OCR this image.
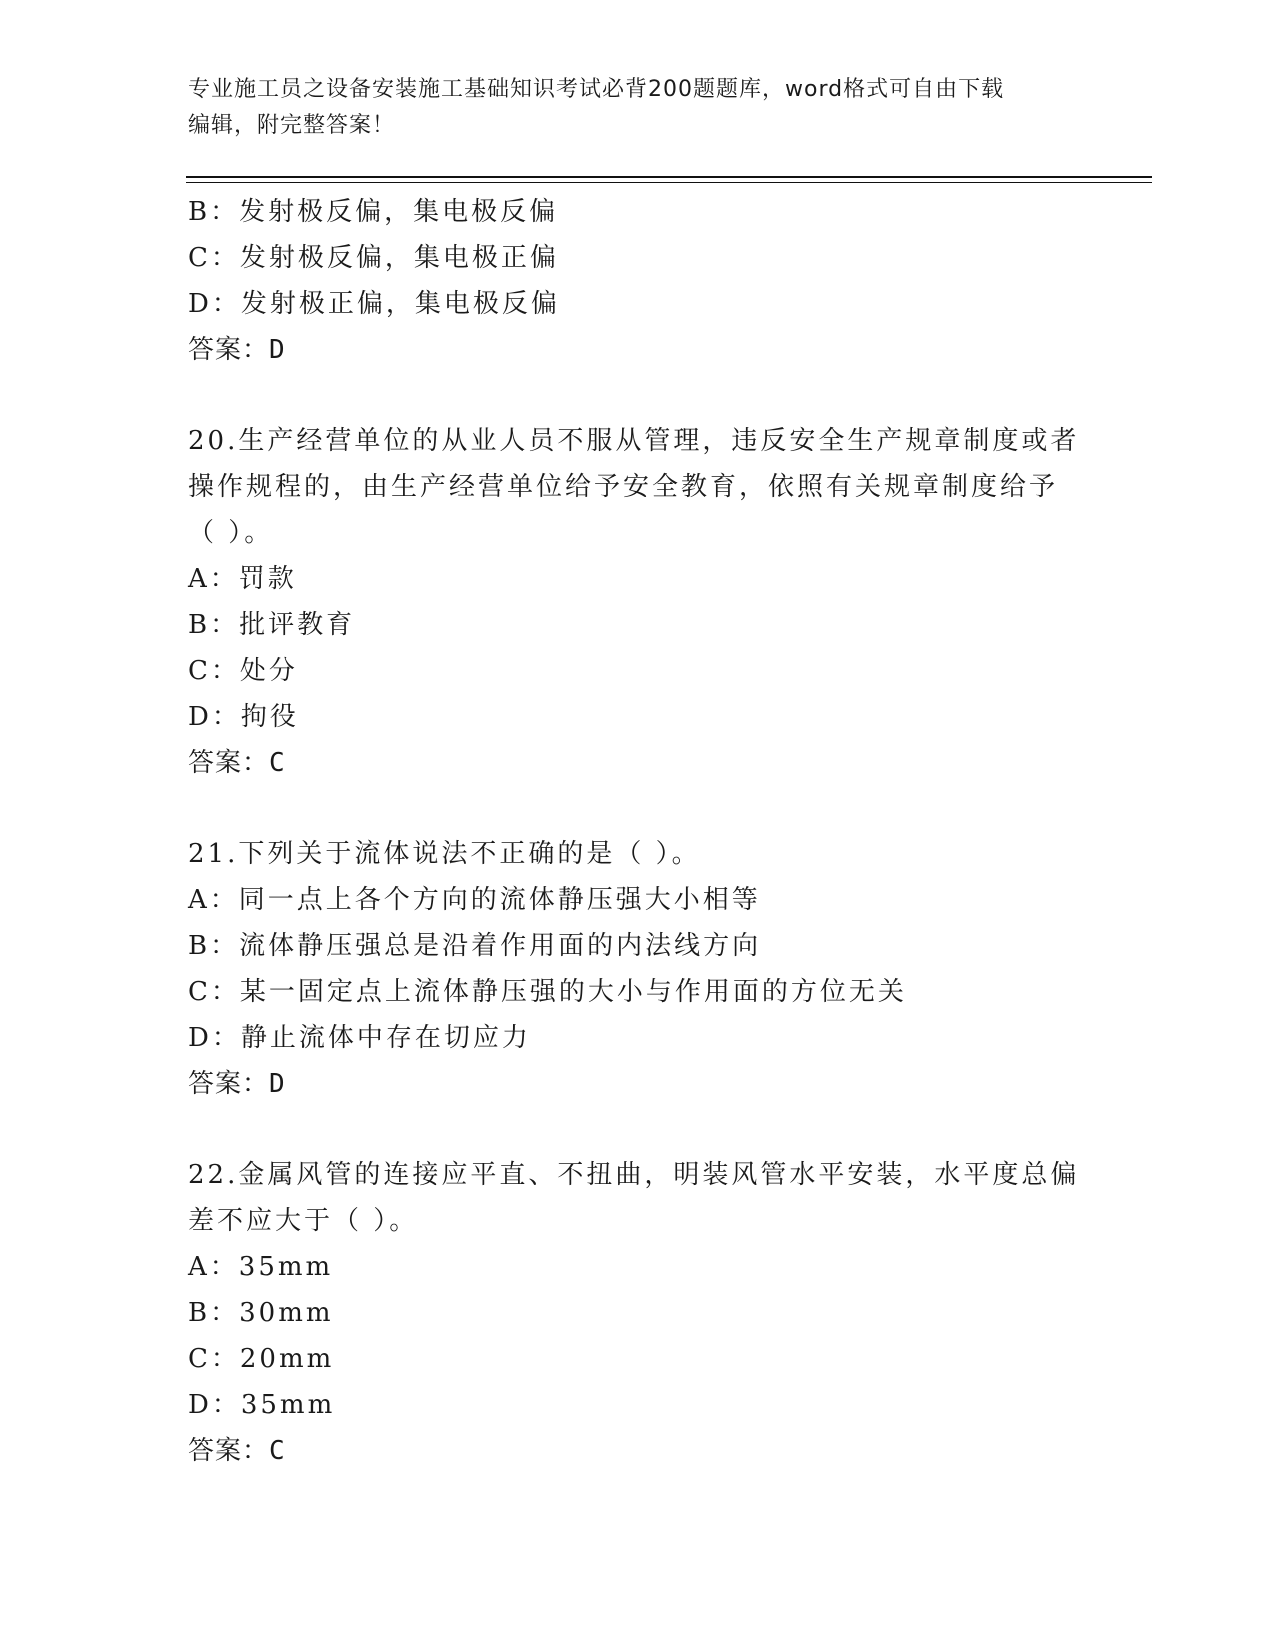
专业施工员之设备安装施工基础知识考试必背200题题库，word格式可自由下载
编辑，附完整答案！
B：发射极反偏，集电极反偏
C：发射极反偏，集电极正偏
D：发射极正偏，集电极反偏
答案：D
20.生产经营单位的从业人员不服从管理，违反安全生产规章制度或者
操作规程的，由生产经营单位给予安全教育，依照有关规章制度给予
（ ）。
A：罚款
B：批评教育
C：处分
D：拘役
答案：C
21.下列关于流体说法不正确的是（ ）。
A：同一点上各个方向的流体静压强大小相等
B：流体静压强总是沿着作用面的内法线方向
C：某一固定点上流体静压强的大小与作用面的方位无关
D：静止流体中存在切应力
答案：D
22.金属风管的连接应平直、不扭曲，明装风管水平安装，水平度总偏
差不应大于（ ）。
A：35mm
B：30mm
C：20mm
D：35mm
答案：C
